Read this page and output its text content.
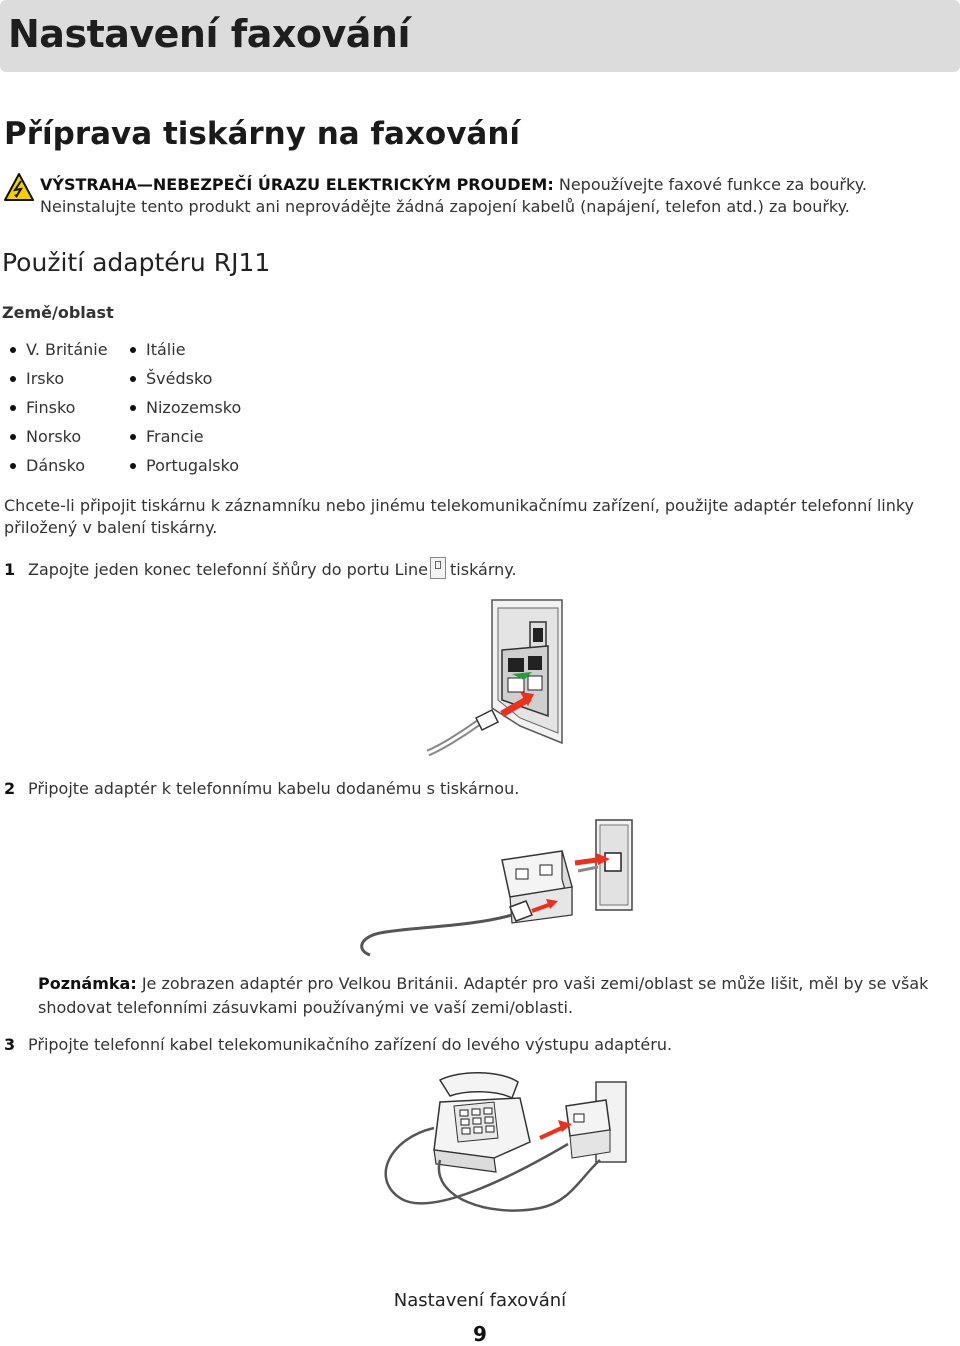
Nastavení faxování
Příprava tiskárny na faxování
VÝSTRAHA—NEBEZPEČÍ ÚRAZU ELEKTRICKÝM PROUDEM: Nepoužívejte faxové funkce za bouřky. Neinstalujte tento produkt ani neprovádějte žádná zapojení kabelů (napájení, telefon atd.) za bouřky.
Použití adaptéru RJ11
Země/oblast
V. Británie
Irsko
Finsko
Norsko
Dánsko
Itálie
Švédsko
Nizozemsko
Francie
Portugalsko
Chcete-li připojit tiskárnu k záznamníku nebo jinému telekomunikačnímu zařízení, použijte adaptér telefonní linky přiložený v balení tiskárny.
1 Zapojte jeden konec telefonní šňůry do portu Line tiskárny.
2 Připojte adaptér k telefonnímu kabelu dodanému s tiskárnou.
Poznámka: Je zobrazen adaptér pro Velkou Británii. Adaptér pro vaši zemi/oblast se může lišit, měl by se však shodovat telefonními zásuvkami používanými ve vaší zemi/oblasti.
3 Připojte telefonní kabel telekomunikačního zařízení do levého výstupu adaptéru.
Nastavení faxování
9
